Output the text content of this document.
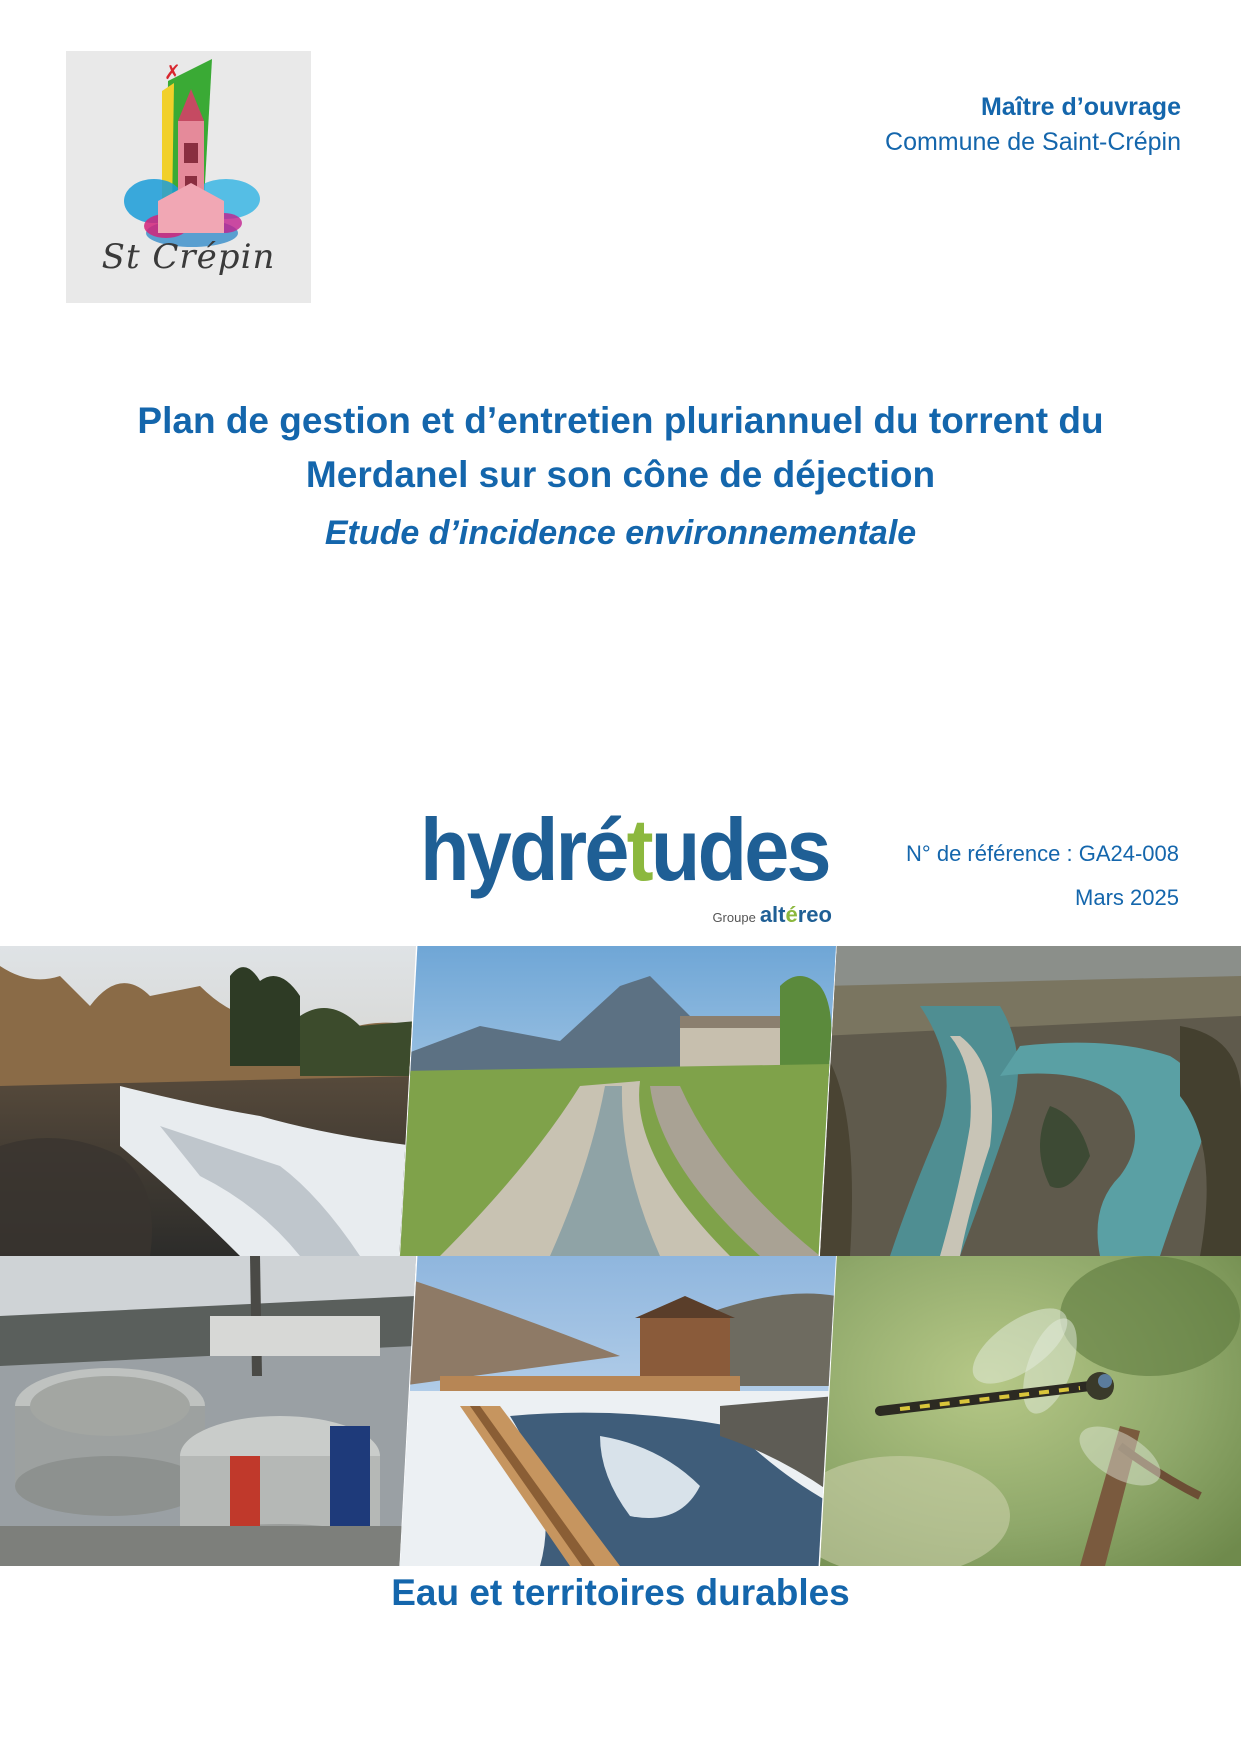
✗
St Crépin
Maître d’ouvrage
Commune de Saint-Crépin
Plan de gestion et d’entretien pluriannuel du torrent du
Merdanel sur son cône de déjection
Etude d’incidence environnementale
hydrétudes
Groupe altéreo
N° de référence : GA24-008
Mars 2025
Eau et territoires durables
